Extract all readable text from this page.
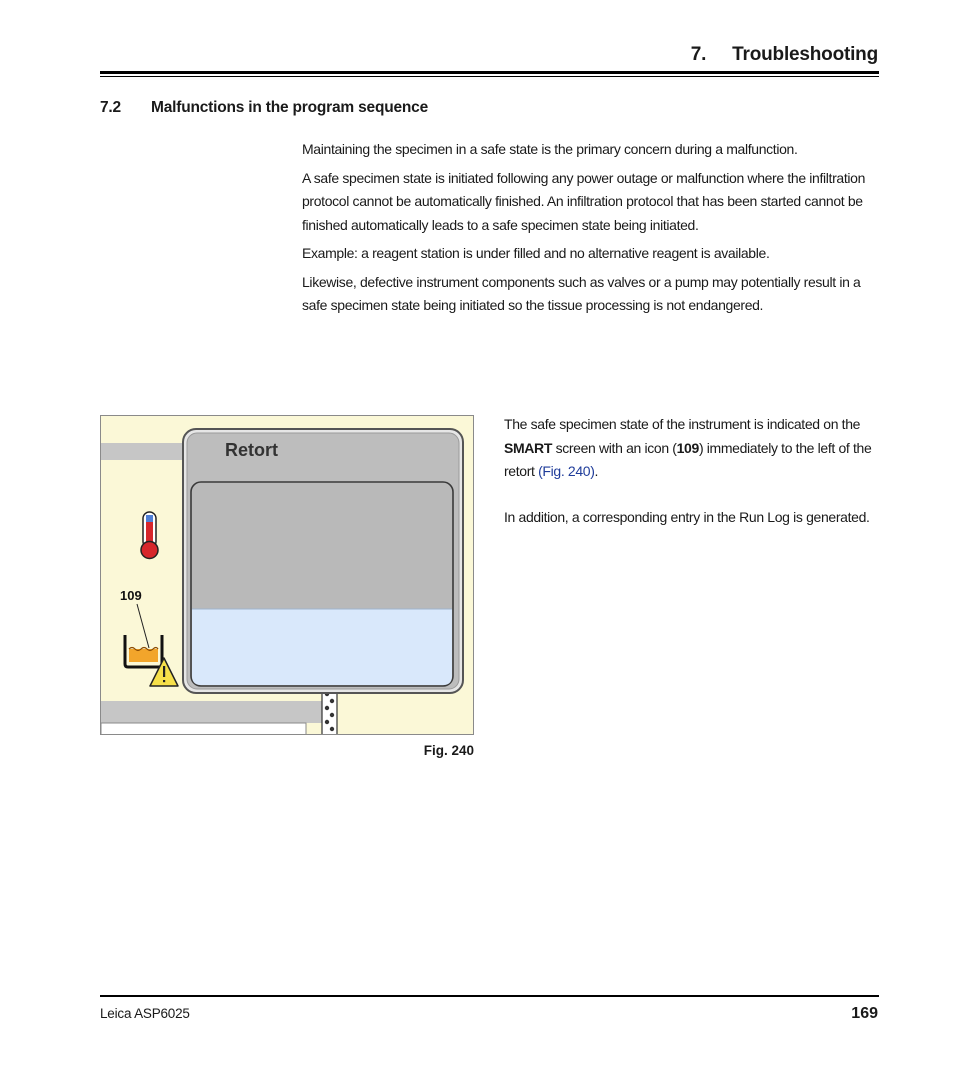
7. Troubleshooting
7.2 Malfunctions in the program sequence

Maintaining the specimen in a safe state is the primary concern during a malfunction.

A safe specimen state is initiated following any power outage or malfunction where the infiltration protocol cannot be automatically finished. An infiltration protocol that has been started cannot be finished automatically leads to a safe specimen state being initiated.

Example: a reagent station is under filled and no alternative reagent is available.

Likewise, defective instrument components such as valves or a pump may potentially result in a safe specimen state being initiated so the tissue processing is not endangered.

Retort
109
Fig. 240

The safe specimen state of the instrument is indicated on the SMART screen with an icon (109) immediately to the left of the retort (Fig. 240).

In addition, a corresponding entry in the Run Log is generated.

Leica ASP6025	169
